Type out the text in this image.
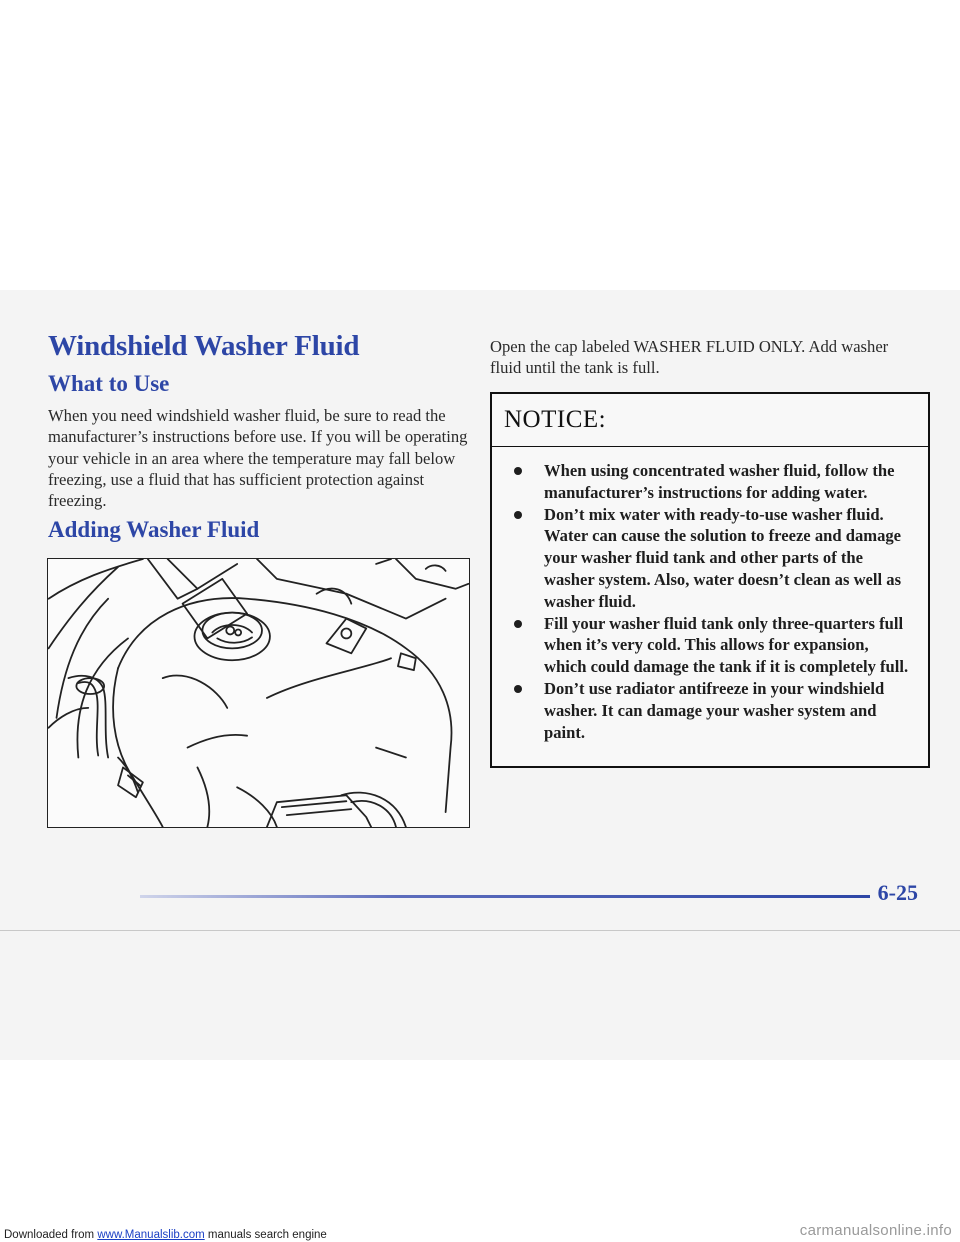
Windshield Washer Fluid
What to Use

When you need windshield washer fluid, be sure to read the manufacturer’s instructions before use. If you will be operating your vehicle in an area where the temperature may fall below freezing, use a fluid that has sufficient protection against freezing.

Adding Washer Fluid

Open the cap labeled WASHER FLUID ONLY. Add washer fluid until the tank is full.

NOTICE:
When using concentrated washer fluid, follow the manufacturer’s instructions for adding water.
Don’t mix water with ready-to-use washer fluid. Water can cause the solution to freeze and damage your washer fluid tank and other parts of the washer system. Also, water doesn’t clean as well as washer fluid.
Fill your washer fluid tank only three-quarters full when it’s very cold. This allows for expansion, which could damage the tank if it is completely full.
Don’t use radiator antifreeze in your windshield washer. It can damage your washer system and paint.

6-25

Downloaded from www.Manualslib.com manuals search engine	carmanualsonline.info
